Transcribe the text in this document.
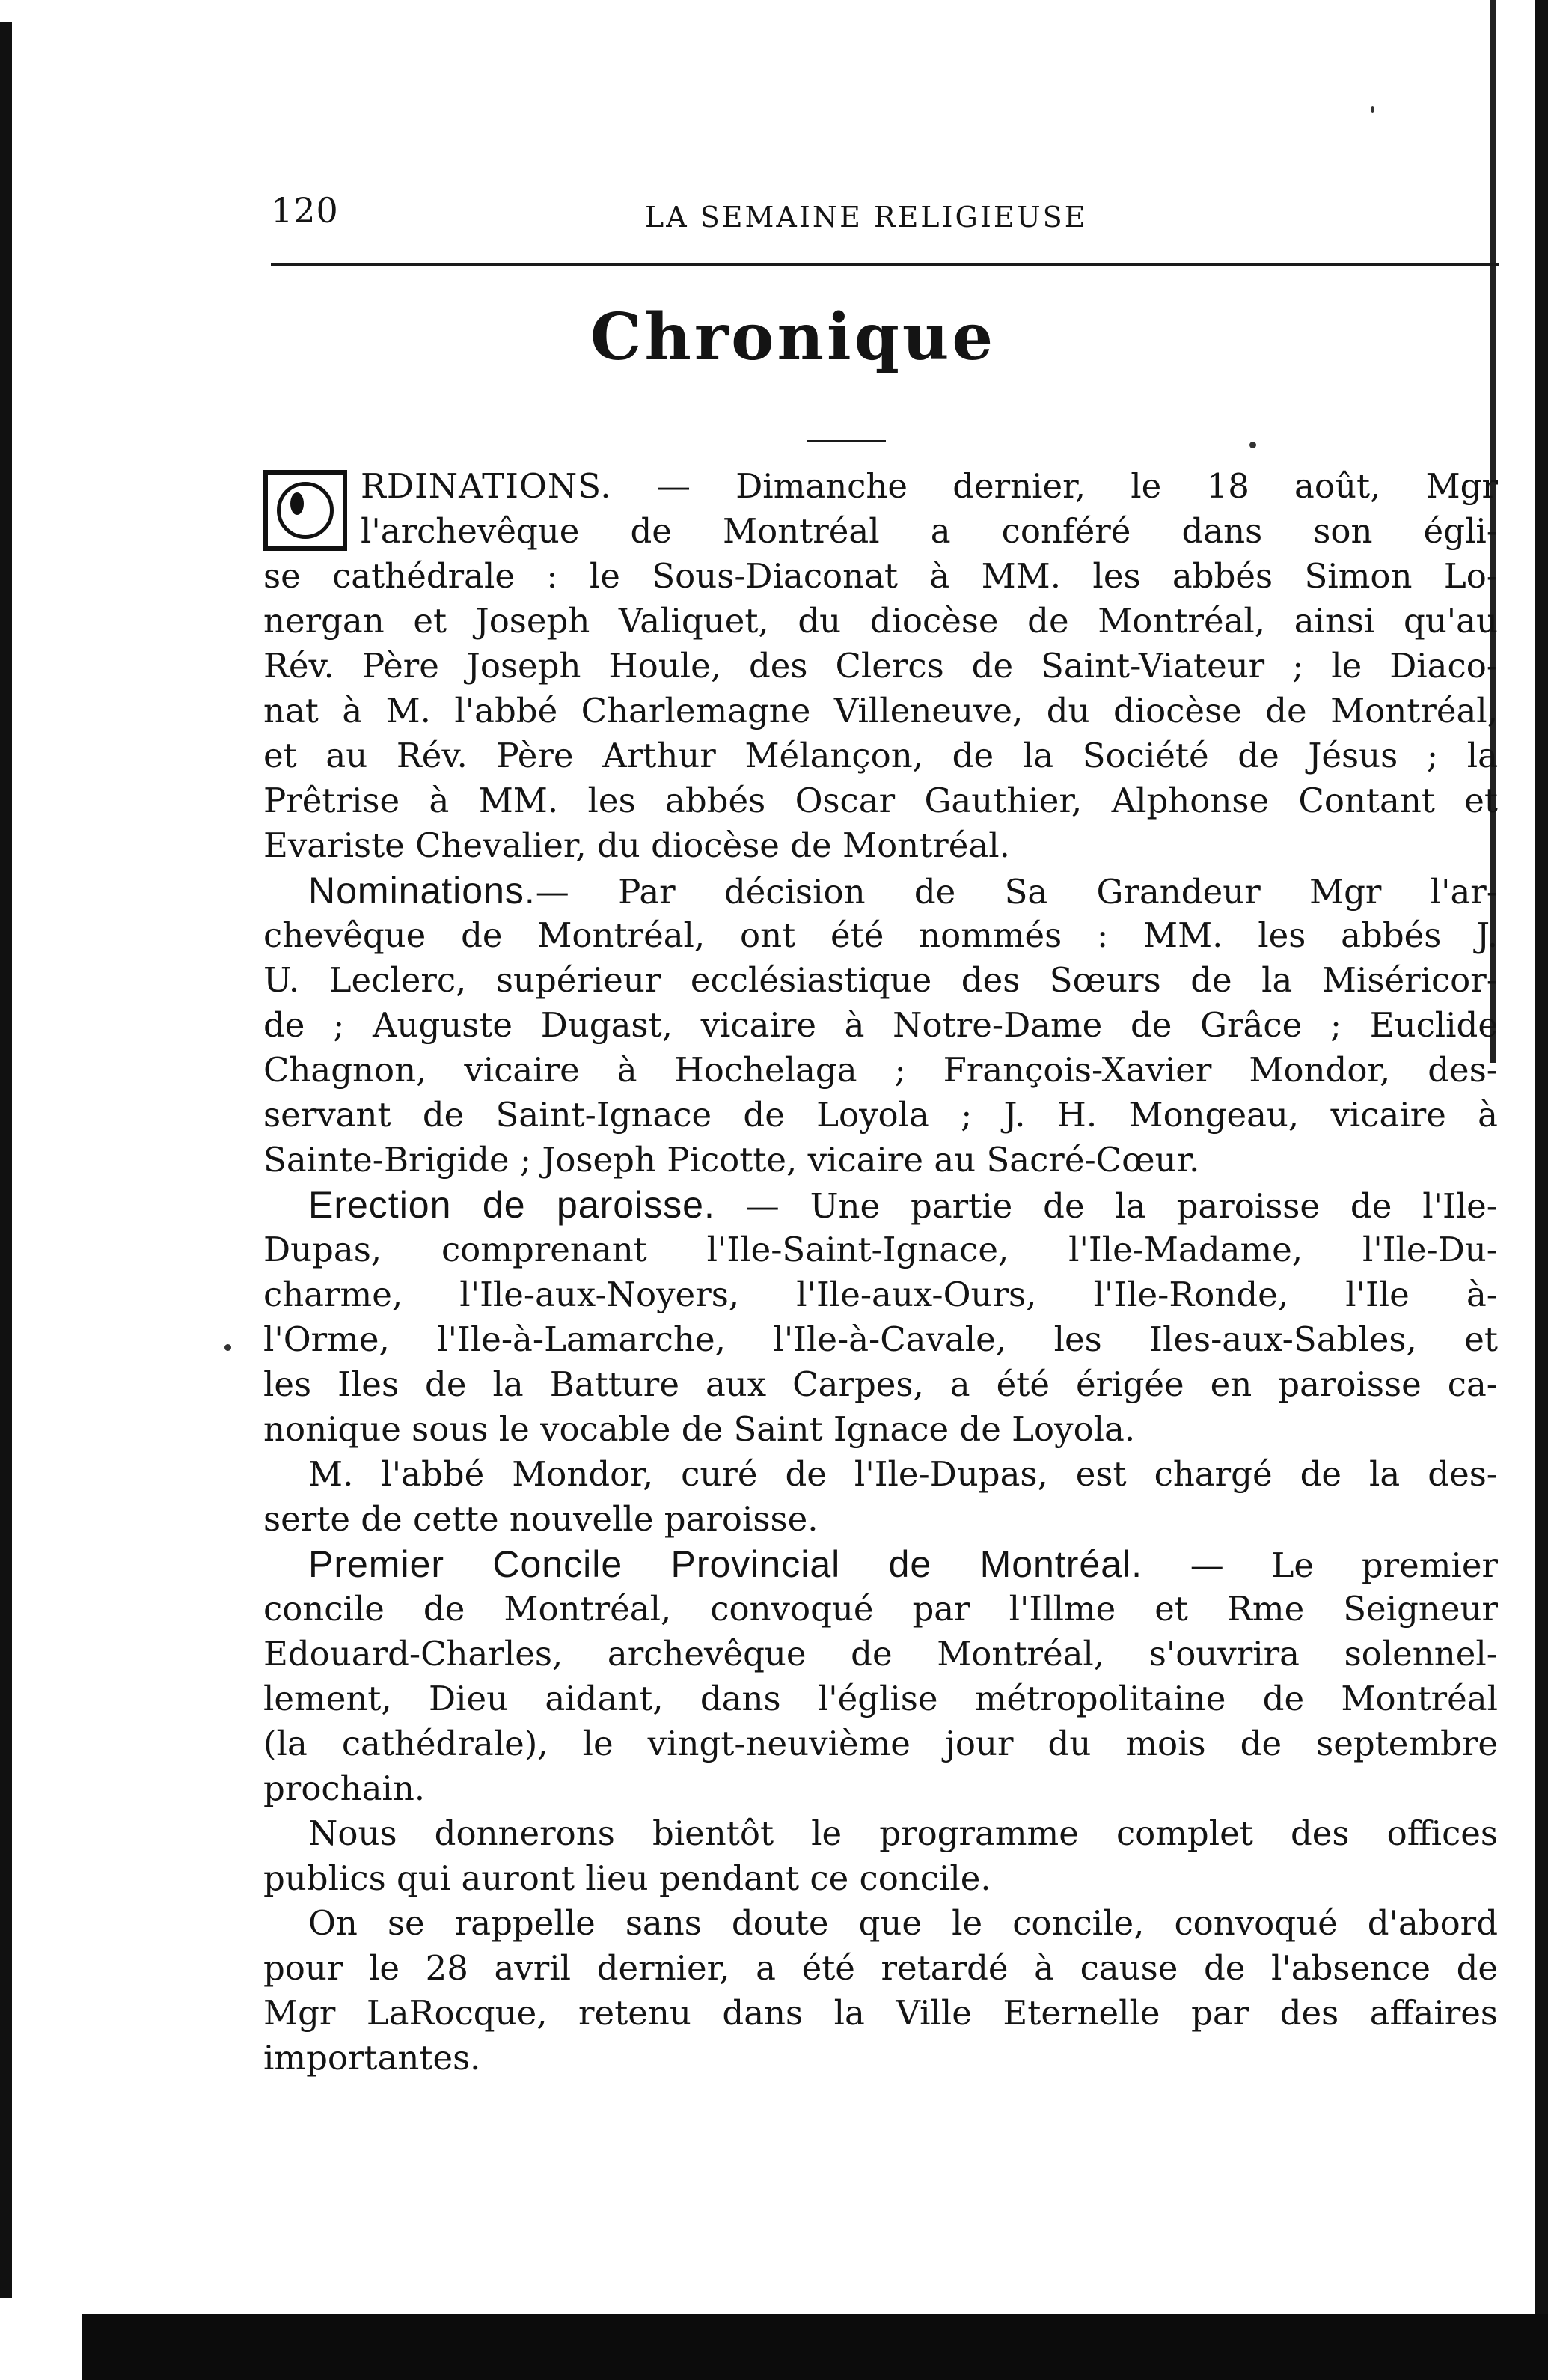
120	LA SEMAINE RELIGIEUSE
Chronique
RDINATIONS. — Dimanche dernier, le 18 août, Mgr
l'archevêque de Montréal a conféré dans son égli-
se cathédrale : le Sous-Diaconat à MM. les abbés Simon Lo-
nergan et Joseph Valiquet, du diocèse de Montréal, ainsi qu'au
Rév. Père Joseph Houle, des Clercs de Saint-Viateur ; le Diaco-
nat à M. l'abbé Charlemagne Villeneuve, du diocèse de Montréal,
et au Rév. Père Arthur Mélançon, de la Société de Jésus ; la
Prêtrise à MM. les abbés Oscar Gauthier, Alphonse Contant et
Evariste Chevalier, du diocèse de Montréal.
Nominations.— Par décision de Sa Grandeur Mgr l'ar-
chevêque de Montréal, ont été nommés : MM. les abbés J.
U. Leclerc, supérieur ecclésiastique des Sœurs de la Miséricor-
de ; Auguste Dugast, vicaire à Notre-Dame de Grâce ; Euclide
Chagnon, vicaire à Hochelaga ; François-Xavier Mondor, des-
servant de Saint-Ignace de Loyola ; J. H. Mongeau, vicaire à
Sainte-Brigide ; Joseph Picotte, vicaire au Sacré-Cœur.
Erection de paroisse. — Une partie de la paroisse de l'Ile-
Dupas, comprenant l'Ile-Saint-Ignace, l'Ile-Madame, l'Ile-Du-
charme, l'Ile-aux-Noyers, l'Ile-aux-Ours, l'Ile-Ronde, l'Ile à-
l'Orme, l'Ile-à-Lamarche, l'Ile-à-Cavale, les Iles-aux-Sables, et
les Iles de la Batture aux Carpes, a été érigée en paroisse ca-
nonique sous le vocable de Saint Ignace de Loyola.
M. l'abbé Mondor, curé de l'Ile-Dupas, est chargé de la des-
serte de cette nouvelle paroisse.
Premier Concile Provincial de Montréal. — Le premier
concile de Montréal, convoqué par l'Illme et Rme Seigneur
Edouard-Charles, archevêque de Montréal, s'ouvrira solennel-
lement, Dieu aidant, dans l'église métropolitaine de Montréal
(la cathédrale), le vingt-neuvième jour du mois de septembre
prochain.
Nous donnerons bientôt le programme complet des offices
publics qui auront lieu pendant ce concile.
On se rappelle sans doute que le concile, convoqué d'abord
pour le 28 avril dernier, a été retardé à cause de l'absence de
Mgr LaRocque, retenu dans la Ville Eternelle par des affaires
importantes.
